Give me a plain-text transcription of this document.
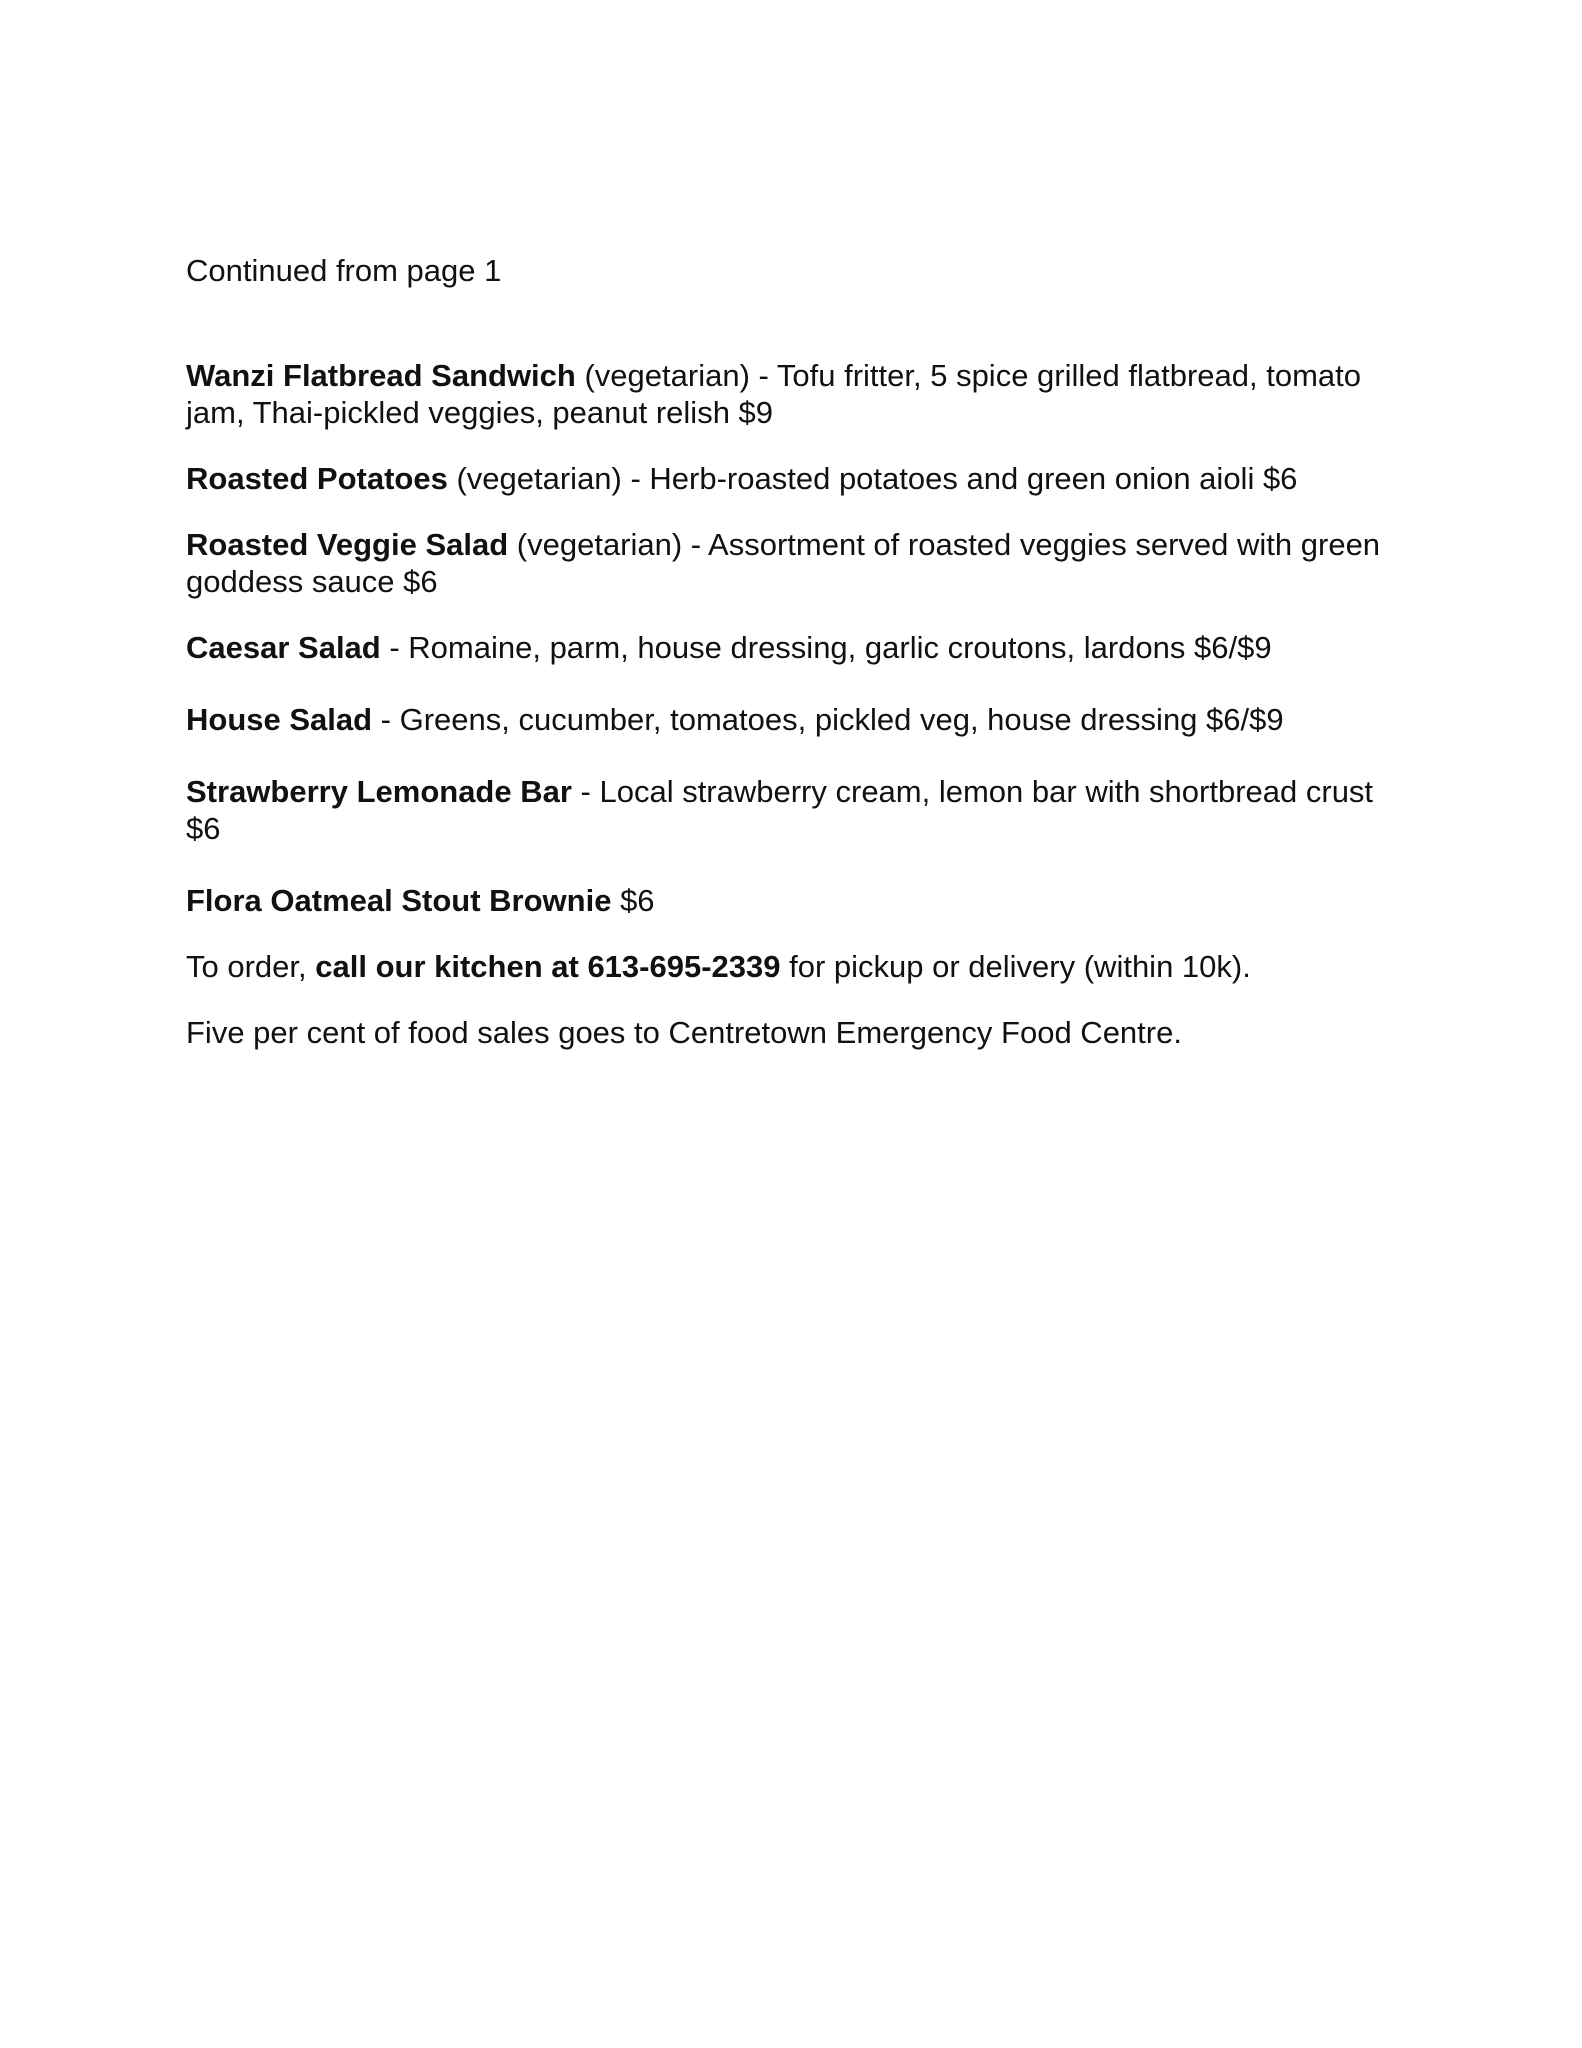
Continued from page 1

Wanzi Flatbread Sandwich (vegetarian) - Tofu fritter, 5 spice grilled flatbread, tomato jam, Thai-pickled veggies, peanut relish $9

Roasted Potatoes (vegetarian) - Herb-roasted potatoes and green onion aioli $6

Roasted Veggie Salad (vegetarian) - Assortment of roasted veggies served with green goddess sauce $6

Caesar Salad - Romaine, parm, house dressing, garlic croutons, lardons $6/$9

House Salad - Greens, cucumber, tomatoes, pickled veg, house dressing $6/$9

Strawberry Lemonade Bar - Local strawberry cream, lemon bar with shortbread crust $6

Flora Oatmeal Stout Brownie $6

To order, call our kitchen at 613-695-2339 for pickup or delivery (within 10k).

Five per cent of food sales goes to Centretown Emergency Food Centre.
